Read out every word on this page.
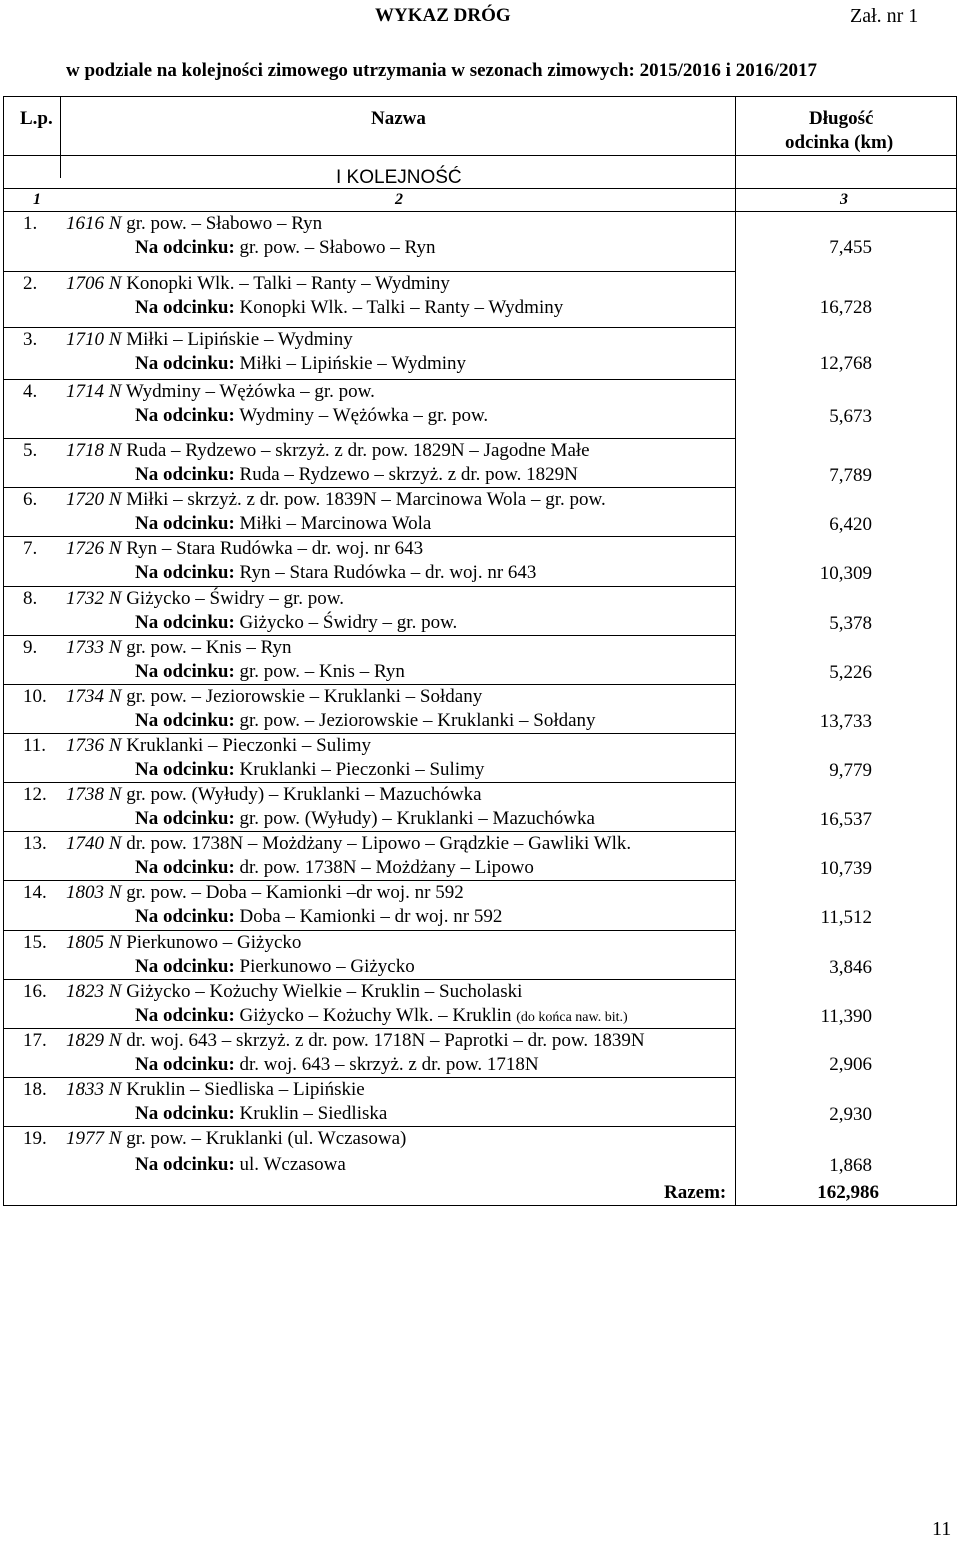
WYKAZ DRÓG	Zał. nr 1
w podziale na kolejności zimowego utrzymania w sezonach zimowych: 2015/2016 i 2016/2017
L.p.	Nazwa	Długość
odcinka (km)
I KOLEJNOŚĆ
1	2	3
1. 1616 N gr. pow. – Słabowo – Ryn
Na odcinku: gr. pow. – Słabowo – Ryn	7,455
2. 1706 N Konopki Wlk. – Talki – Ranty – Wydminy
Na odcinku: Konopki Wlk. – Talki – Ranty – Wydminy	16,728
3. 1710 N Miłki – Lipińskie – Wydminy
Na odcinku: Miłki – Lipińskie – Wydminy	12,768
4. 1714 N Wydminy – Wężówka – gr. pow.
Na odcinku: Wydminy – Wężówka – gr. pow.	5,673
5. 1718 N Ruda – Rydzewo – skrzyż. z dr. pow. 1829N – Jagodne Małe
Na odcinku: Ruda – Rydzewo – skrzyż. z dr. pow. 1829N	7,789
6. 1720 N Miłki – skrzyż. z dr. pow. 1839N – Marcinowa Wola – gr. pow.
Na odcinku: Miłki – Marcinowa Wola	6,420
7. 1726 N Ryn – Stara Rudówka – dr. woj. nr 643
Na odcinku: Ryn – Stara Rudówka – dr. woj. nr 643	10,309
8. 1732 N Giżycko – Świdry – gr. pow.
Na odcinku: Giżycko – Świdry – gr. pow.	5,378
9. 1733 N gr. pow. – Knis – Ryn
Na odcinku: gr. pow. – Knis – Ryn	5,226
10. 1734 N gr. pow. – Jeziorowskie – Kruklanki – Sołdany
Na odcinku: gr. pow. – Jeziorowskie – Kruklanki – Sołdany	13,733
11. 1736 N Kruklanki – Pieczonki – Sulimy
Na odcinku: Kruklanki – Pieczonki – Sulimy	9,779
12. 1738 N gr. pow. (Wyłudy) – Kruklanki – Mazuchówka
Na odcinku: gr. pow. (Wyłudy) – Kruklanki – Mazuchówka	16,537
13. 1740 N dr. pow. 1738N – Możdżany – Lipowo – Grądzkie – Gawliki Wlk.
Na odcinku: dr. pow. 1738N – Możdżany – Lipowo	10,739
14. 1803 N gr. pow. – Doba – Kamionki –dr woj. nr 592
Na odcinku: Doba – Kamionki – dr woj. nr 592	11,512
15. 1805 N Pierkunowo – Giżycko
Na odcinku: Pierkunowo – Giżycko	3,846
16. 1823 N Giżycko – Kożuchy Wielkie – Kruklin – Sucholaski
Na odcinku: Giżycko – Kożuchy Wlk. – Kruklin (do końca naw. bit.)	11,390
17. 1829 N dr. woj. 643 – skrzyż. z dr. pow. 1718N – Paprotki – dr. pow. 1839N
Na odcinku: dr. woj. 643 – skrzyż. z dr. pow. 1718N	2,906
18. 1833 N Kruklin – Siedliska – Lipińskie
Na odcinku: Kruklin – Siedliska	2,930
19. 1977 N gr. pow. – Kruklanki (ul. Wczasowa)
Na odcinku: ul. Wczasowa	1,868
Razem:	162,986
11
